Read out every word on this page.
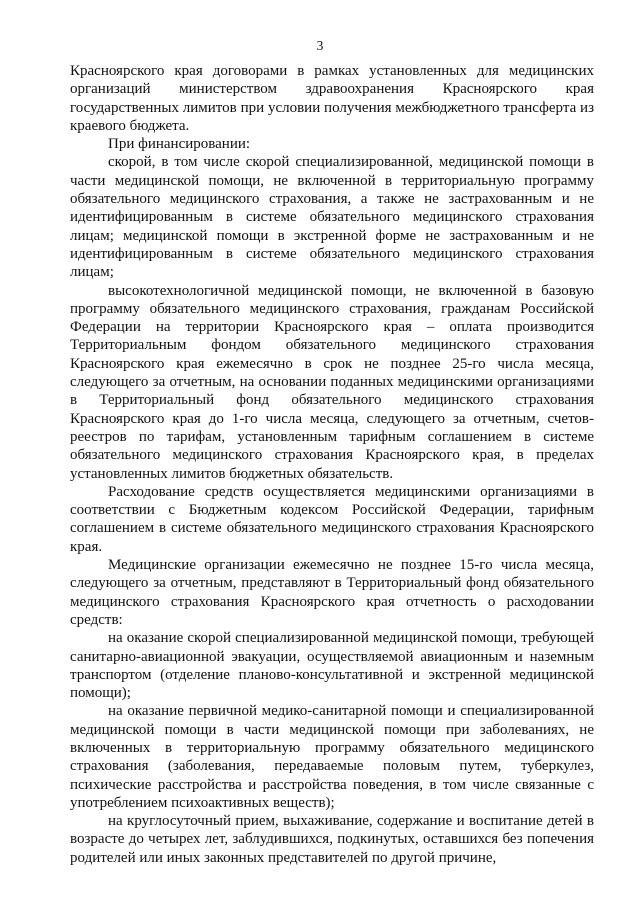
3

Красноярского края договорами в рамках установленных для медицинских организаций министерством здравоохранения Красноярского края государственных лимитов при условии получения межбюджетного трансферта из краевого бюджета.

При финансировании:

скорой, в том числе скорой специализированной, медицинской помощи в части медицинской помощи, не включенной в территориальную программу обязательного медицинского страхования, а также не застрахованным и не идентифицированным в системе обязательного медицинского страхования лицам; медицинской помощи в экстренной форме не застрахованным и не идентифицированным в системе обязательного медицинского страхования лицам;

высокотехнологичной медицинской помощи, не включенной в базовую программу обязательного медицинского страхования, гражданам Российской Федерации на территории Красноярского края – оплата производится Территориальным фондом обязательного медицинского страхования Красноярского края ежемесячно в срок не позднее 25-го числа месяца, следующего за отчетным, на основании поданных медицинскими организациями в Территориальный фонд обязательного медицинского страхования Красноярского края до 1-го числа месяца, следующего за отчетным, счетов-реестров по тарифам, установленным тарифным соглашением в системе обязательного медицинского страхования Красноярского края, в пределах установленных лимитов бюджетных обязательств.

Расходование средств осуществляется медицинскими организациями в соответствии с Бюджетным кодексом Российской Федерации, тарифным соглашением в системе обязательного медицинского страхования Красноярского края.

Медицинские организации ежемесячно не позднее 15-го числа месяца, следующего за отчетным, представляют в Территориальный фонд обязательного медицинского страхования Красноярского края отчетность о расходовании средств:

на оказание скорой специализированной медицинской помощи, требующей санитарно-авиационной эвакуации, осуществляемой авиационным и наземным транспортом (отделение планово-консультативной и экстренной медицинской помощи);

на оказание первичной медико-санитарной помощи и специализированной медицинской помощи в части медицинской помощи при заболеваниях, не включенных в территориальную программу обязательного медицинского страхования (заболевания, передаваемые половым путем, туберкулез, психические расстройства и расстройства поведения, в том числе связанные с употреблением психоактивных веществ);

на круглосуточный прием, выхаживание, содержание и воспитание детей в возрасте до четырех лет, заблудившихся, подкинутых, оставшихся без попечения родителей или иных законных представителей по другой причине,
